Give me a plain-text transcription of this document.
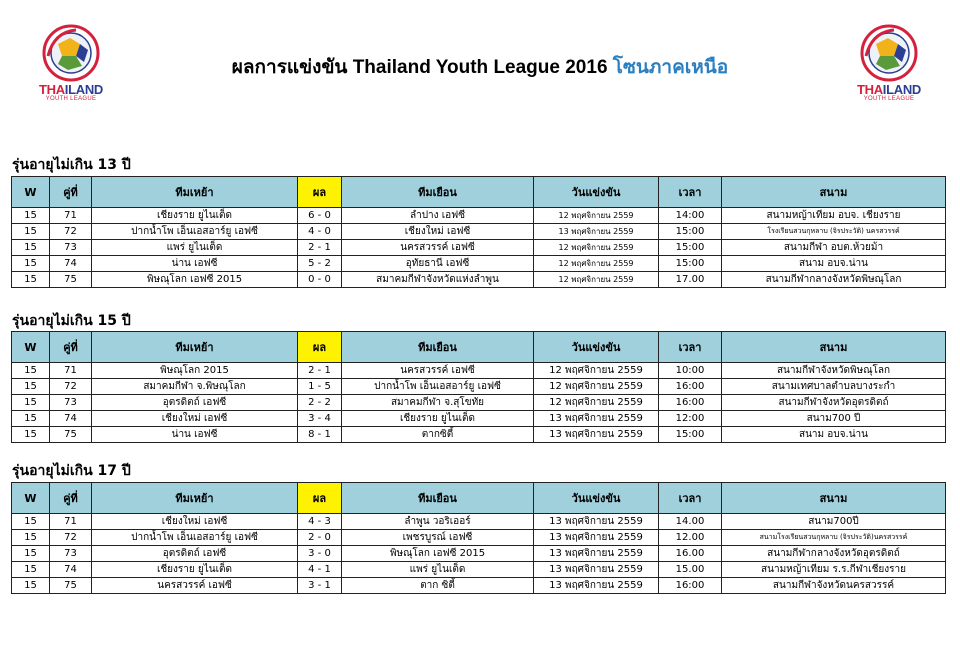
THAILAND
YOUTH LEAGUE
THAILAND
YOUTH LEAGUE
ผลการแข่งขัน Thailand Youth League 2016 โซนภาคเหนือ
รุ่นอายุไม่เกิน 13 ปี
W	คู่ที่	ทีมเหย้า	ผล	ทีมเยือน	วันแข่งขัน	เวลา	สนาม
15	71	เชียงราย ยูไนเต็ด	6 - 0	ลำปาง เอฟซี	12 พฤศจิกายน 2559	14:00	สนามหญ้าเทียม อบจ. เชียงราย
15	72	ปากน้ำโพ เอ็นเอสอาร์ยู เอฟซี	4 - 0	เชียงใหม่ เอฟซี	13 พฤศจิกายน 2559	15:00	โรงเรียนสวนกุหลาบ (จิรประวัติ) นครสวรรค์
15	73	แพร่ ยูไนเต็ด	2 - 1	นครสวรรค์ เอฟซี	12 พฤศจิกายน 2559	15:00	สนามกีฬา อบต.ห้วยม้า
15	74	น่าน เอฟซี	5 - 2	อุทัยธานี เอฟซี	12 พฤศจิกายน 2559	15:00	สนาม อบจ.น่าน
15	75	พิษณุโลก เอฟซี 2015	0 - 0	สมาคมกีฬาจังหวัดแห่งลำพูน	12 พฤศจิกายน 2559	17.00	สนามกีฬากลางจังหวัดพิษณุโลก
รุ่นอายุไม่เกิน 15 ปี
W	คู่ที่	ทีมเหย้า	ผล	ทีมเยือน	วันแข่งขัน	เวลา	สนาม
15	71	พิษณุโลก 2015	2 - 1	นครสวรรค์ เอฟซี	12 พฤศจิกายน 2559	10:00	สนามกีฬาจังหวัดพิษณุโลก
15	72	สมาคมกีฬา จ.พิษณุโลก	1 - 5	ปากน้ำโพ เอ็นเอสอาร์ยู เอฟซี	12 พฤศจิกายน 2559	16:00	สนามเทศบาลตำบลบางระกำ
15	73	อุตรดิตถ์ เอฟซี	2 - 2	สมาคมกีฬา จ.สุโขทัย	12 พฤศจิกายน 2559	16:00	สนามกีฬาจังหวัดอุตรดิตถ์
15	74	เชียงใหม่ เอฟซี	3 - 4	เชียงราย ยูไนเต็ด	13 พฤศจิกายน 2559	12:00	สนาม700 ปี
15	75	น่าน เอฟซี	8 - 1	ตากซิตี้	13 พฤศจิกายน 2559	15:00	สนาม อบจ.น่าน
รุ่นอายุไม่เกิน 17 ปี
W	คู่ที่	ทีมเหย้า	ผล	ทีมเยือน	วันแข่งขัน	เวลา	สนาม
15	71	เชียงใหม่ เอฟซี	4 - 3	ลำพูน วอริเออร์	13 พฤศจิกายน 2559	14.00	สนาม700ปี
15	72	ปากน้ำโพ เอ็นเอสอาร์ยู เอฟซี	2 - 0	เพชรบูรณ์ เอฟซี	13 พฤศจิกายน 2559	12.00	สนามโรงเรียนสวนกุหลาบ (จิรประวัติ)นครสวรรค์
15	73	อุตรดิตถ์ เอฟซี	3 - 0	พิษณุโลก เอฟซี 2015	13 พฤศจิกายน 2559	16.00	สนามกีฬากลางจังหวัดอุตรดิตถ์
15	74	เชียงราย ยูไนเต็ด	4 - 1	แพร่ ยูไนเต็ด	13 พฤศจิกายน 2559	15.00	สนามหญ้าเทียม ร.ร.กีฬาเชียงราย
15	75	นครสวรรค์ เอฟซี	3 - 1	ตาก ซิตี้	13 พฤศจิกายน 2559	16:00	สนามกีฬาจังหวัดนครสวรรค์
